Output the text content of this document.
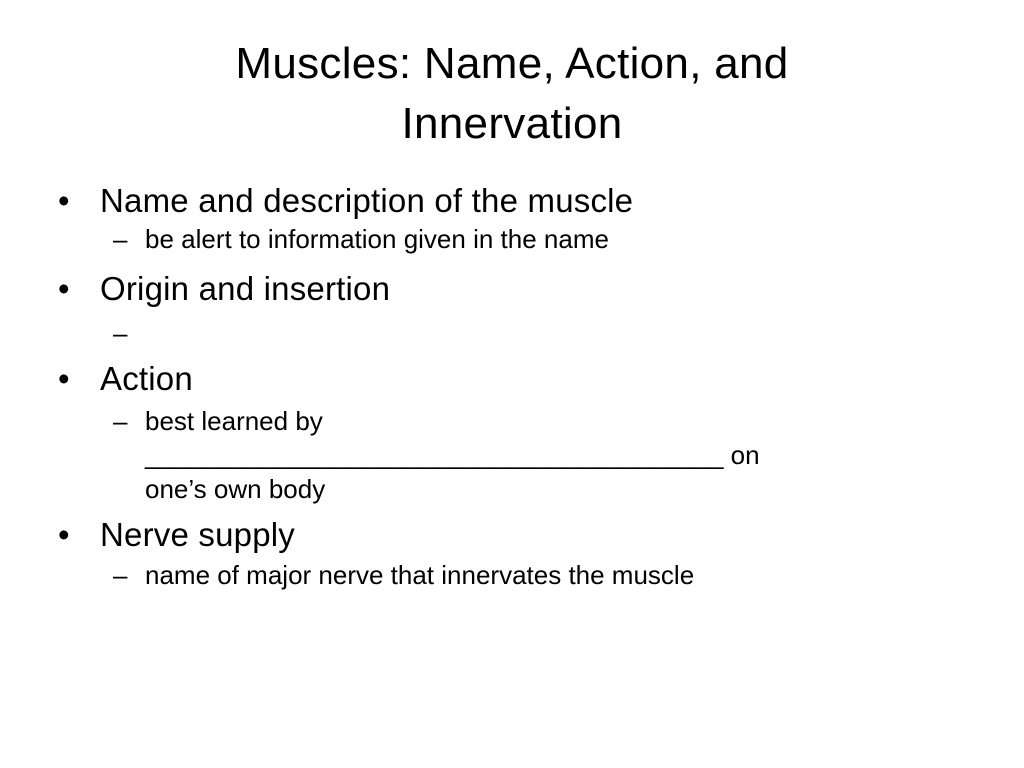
Muscles: Name, Action, and
Innervation
• Name and description of the muscle
– be alert to information given in the name
• Origin and insertion
–
• Action
– best learned by
________________________________________ on
one’s own body
• Nerve supply
– name of major nerve that innervates the muscle
